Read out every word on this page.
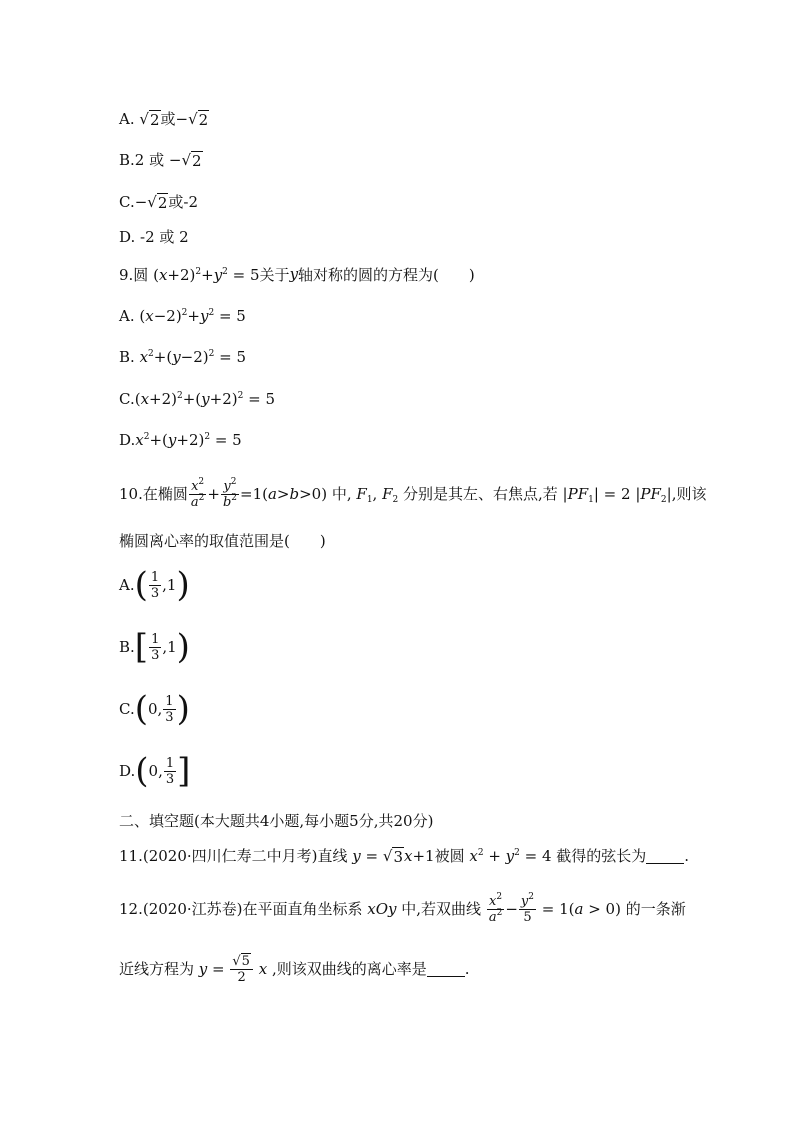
A. √2或−√2
B.2 或 −√2
C.−√2或-2
D. -2 或 2
9.圆 $(x+2)^2+y^2 = 5$关于y轴对称的圆的方程为(　　)
A. $(x-2)^2+y^2 = 5$
B. $x^2+(y-2)^2 = 5$
$C.(x+2)^2+(y+2)^2 = 5$
$D.x^2+(y+2)^2 = 5$
10.在椭圆 $\frac{x^2}{a^2} + \frac{y^2}{b^2} =1(a>b>0)$ 中, $F_1$, $F_2$ 分别是其左、右焦点,若 $|PF_1| = 2$ $|PF_2|$,则该
椭圆离心率的取值范围是(　　)
$A.( \frac{1}{3} ,1)$
$B.[ \frac{1}{3} ,1)$
C.(0, $\frac{1}{3}$ )
D.(0, $\frac{1}{3}$ ]
二、填空题(本大题共4小题,每小题5分,共20分)
11.(2020·四川仁寿二中月考)直线 y = √3x+1被圆 $x^2 + y^2 = 4$ 截得的弦长为	.
12.(2020·江苏卷)在平面直角坐标系 xOy 中,若双曲线 $\frac{x^2}{a^2} - \frac{y^2}{5} = 1(a > 0)$ 的一条渐
近线方程为 $y = \frac{√5}{2}$ x ,则该双曲线的离心率是	.
